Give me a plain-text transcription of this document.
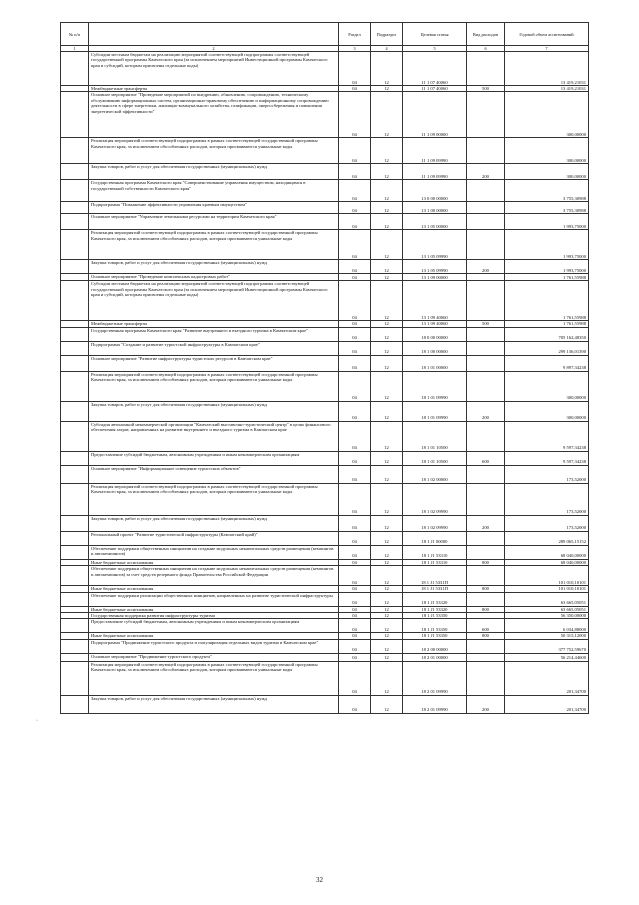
№ п/п		Раздел	Подраздел	Целевая статья	Вид расходов	Годовой объем ассигнований
1	2	3	4	5	6	7
	Субсидии местным бюджетам на реализацию мероприятий соответствующей подпрограммы соответствующей государственной программы Камчатского края (за исключением мероприятий Инвестиционной программы Камчатского края и субсидий, которым присвоены отдельные коды)	04	12	11 1 07 40060		13 419,21031
	Межбюджетные трансферты	04	12	11 1 07 40060	500	13 419,21031
	Основное мероприятие "Проведение мероприятий по внедрению, обновлению, сопровождению, техническому обслуживанию информационных систем, организационно-правовому обеспечению и информационному сопровождению деятельности в сфере энергетики, жилищно-коммунального хозяйства, газификации, энергосбережения и повышения энергетической эффективности"	04	12	11 1 09 00000		300,00000
	Реализация мероприятий соответствующей подпрограммы в рамках соответствующей государственной программы Камчатского края, за исключением обособленных расходов, которым присваиваются уникальные коды	04	12	11 1 09 09990		300,00000
	Закупка товаров, работ и услуг для обеспечения государственных (муниципальных) нужд	04	12	11 1 09 09990	200	300,00000
	Государственная программа Камчатского края "Совершенствование управления имуществом, находящимся в государственной собственности Камчатского края"	04	12	13 0 00 00000		3 755,30988
	Подпрограмма "Повышение эффективности управления краевым имуществом"	04	12	13 1 00 00000		3 755,30988
	Основное мероприятие "Управление земельными ресурсами на территории Камчатского края"	04	12	13 1 05 00000		1 993,75000
	Реализация мероприятий соответствующей подпрограммы в рамках соответствующей государственной программы Камчатского края, за исключением обособленных расходов, которым присваиваются уникальные коды	04	12	13 1 05 09990		1 993,75000
	Закупка товаров, работ и услуг для обеспечения государственных (муниципальных) нужд	04	12	13 1 05 09990	200	1 993,75000
	Основное мероприятие "Проведение комплексных кадастровых работ"	04	12	13 1 09 00000		1 761,55988
	Субсидии местным бюджетам на реализацию мероприятий соответствующей подпрограммы соответствующей государственной программы Камчатского края (за исключением мероприятий Инвестиционной программы Камчатского края и субсидий, которым присвоены отдельные коды)	04	12	13 1 09 40060		1 761,55988
	Межбюджетные трансферты	04	12	13 1 09 40060	500	1 761,55988
	Государственная программа Камчатского края "Развитие внутреннего и въездного туризма в Камчатском крае"	04	12	18 0 00 00000		705 162,48350
	Подпрограмма "Создание и развитие туристской инфраструктуры в Камчатском крае"	04	12	18 1 00 00000		299 136,01390
	Основное мероприятие "Развитие инфраструктуры туристских ресурсов в Камчатском крае"	04	12	18 1 01 00000		9 897,34238
	Реализация мероприятий соответствующей подпрограммы в рамках соответствующей государственной программы Камчатского края, за исключением обособленных расходов, которым присваиваются уникальные коды	04	12	18 1 01 09990		300,00000
	Закупка товаров, работ и услуг для обеспечения государственных (муниципальных) нужд	04	12	18 1 01 09990	200	300,00000
	Субсидия автономной некоммерческой организации "Камчатский выставочно-туристический центр" в целях финансового обеспечения затрат, направленных на развитие внутреннего и въездного туризма в Камчатском крае	04	12	18 1 01 10500		9 597,34238
	Предоставление субсидий бюджетным, автономным учреждениям и иным некоммерческим организациям	04	12	18 1 01 10500	600	9 597,34238
	Основное мероприятие "Информационное освещение туристских объектов"	04	12	18 1 02 00000		173,52000
	Реализация мероприятий соответствующей подпрограммы в рамках соответствующей государственной программы Камчатского края, за исключением обособленных расходов, которым присваиваются уникальные коды	04	12	18 1 02 09990		173,52000
	Закупка товаров, работ и услуг для обеспечения государственных (муниципальных) нужд	04	12	18 1 02 09990	200	173,52000
	Региональный проект "Развитие туристической инфраструктуры (Камчатский край)"	04	12	18 1 J1 00000		289 065,15152
	Обеспечение поддержки общественных инициатив на создание модульных некапитальных средств размещения (кемпингов и автокемпингов)	04	12	18 1 J1 53310		68 040,00000
	Иные бюджетные ассигнования	04	12	18 1 J1 53310	800	68 040,00000
	Обеспечение поддержки общественных инициатив на создание модульных некапитальных средств размещения (кемпингов и автокемпингов) за счет средств резервного фонда Правительства Российской Федерации	04	12	18 1 J1 5331П		101 010,10101
	Иные бюджетные ассигнования	04	12	18 1 J1 5331П	800	101 010,10101
	Обеспечение поддержки реализации общественных инициатив, направленных на развитие туристической инфраструктуры	04	12	18 1 J1 53320		63 665,05051
	Иные бюджетные ассигнования	04	12	18 1 J1 53320	800	63 665,05051
	Государственная поддержка развития инфраструктуры туризма	04	12	18 1 J1 53350		56 350,00000
	Предоставление субсидий бюджетным, автономным учреждениям и иным некоммерческим организациям	04	12	18 1 J1 53350	600	6 034,88000
	Иные бюджетные ассигнования	04	12	18 1 J1 53350	800	50 315,12000
	Подпрограмма "Продвижение туристского продукта и популяризация отдельных видов туризма в Камчатском крае"	04	12	18 2 00 00000		377 752,59670
	Основное мероприятие "Продвижение туристского продукта"	04	12	18 2 01 00000		56 214,44600
	Реализация мероприятий соответствующей подпрограммы в рамках соответствующей государственной программы Камчатского края, за исключением обособленных расходов, которым присваиваются уникальные коды	04	12	18 2 01 09990		201,34700
	Закупка товаров, работ и услуг для обеспечения государственных (муниципальных) нужд	04	12	18 2 01 09990	200	201,34700
·
32
